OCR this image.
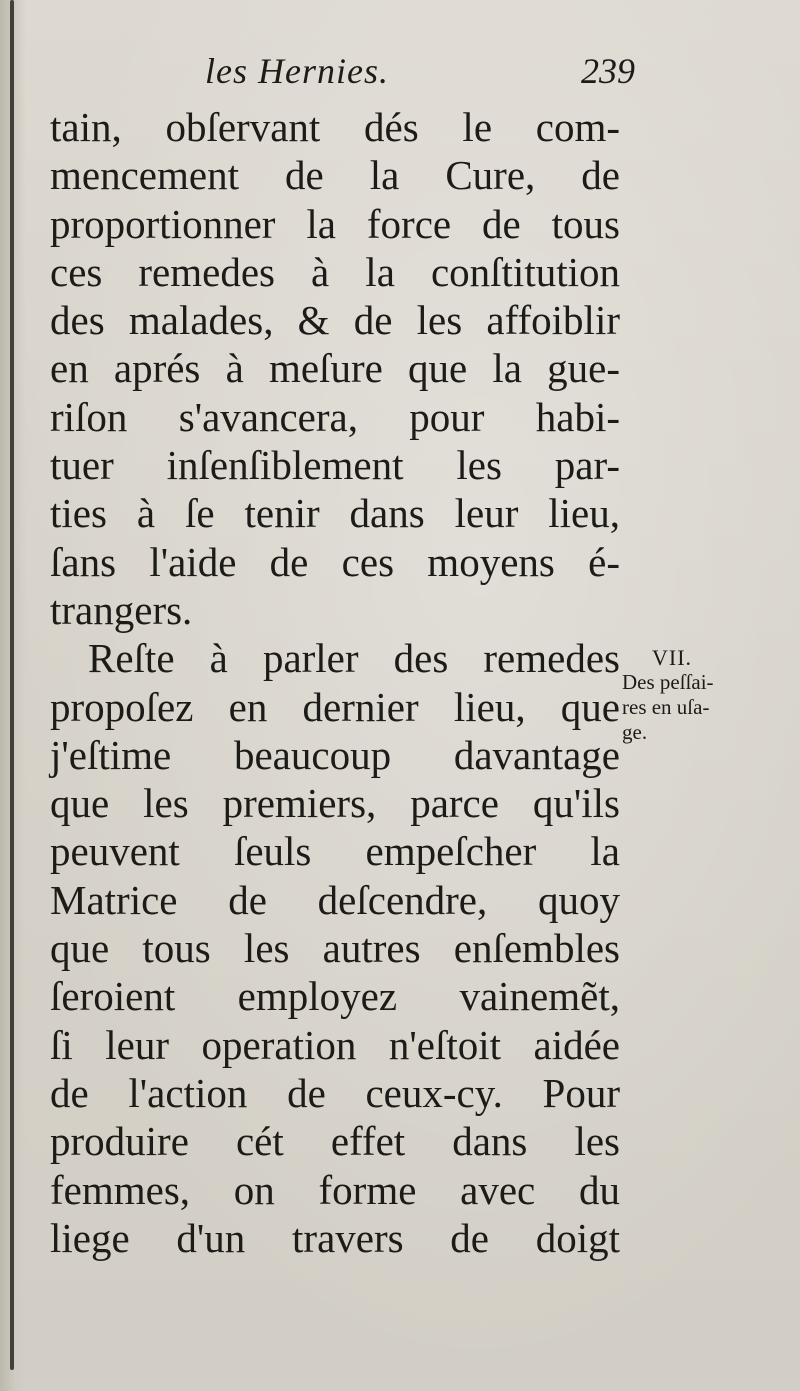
les Hernies.	239
tain, obſervant dés le com-
mencement de la Cure, de
proportionner la force de tous
ces remedes à la conſtitution
des malades, & de les affoiblir
en aprés à meſure que la gue-
riſon s'avancera, pour habi-
tuer inſenſiblement les par-
ties à ſe tenir dans leur lieu,
ſans l'aide de ces moyens é-
trangers.
Reſte à parler des remedes
propoſez en dernier lieu, que
j'eſtime beaucoup davantage
que les premiers, parce qu'ils
peuvent ſeuls empeſcher la
Matrice de deſcendre, quoy
que tous les autres enſembles
ſeroient employez vainemẽt,
ſi leur operation n'eſtoit aidée
de l'action de ceux-cy. Pour
produire cét effet dans les
femmes, on forme avec du
liege d'un travers de doigt
VII.
Des peſſai-
res en uſa-
ge.
